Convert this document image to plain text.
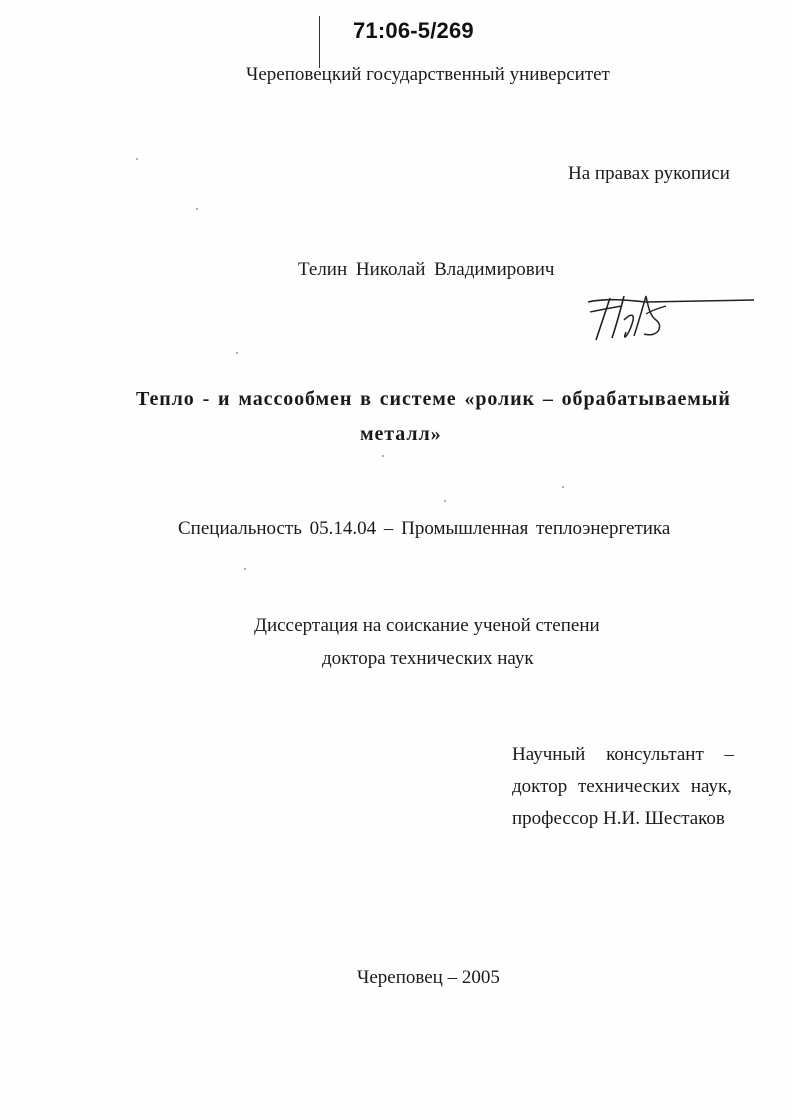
71:06-5/269
Череповецкий государственный университет
На правах рукописи
Телин Николай Владимирович
Тепло - и массообмен в системе «ролик – обрабатываемый
металл»
Специальность 05.14.04 – Промышленная теплоэнергетика
Диссертация на соискание ученой степени
доктора технических наук
Научный консультант –
доктор технических наук,
профессор Н.И. Шестаков
Череповец – 2005
